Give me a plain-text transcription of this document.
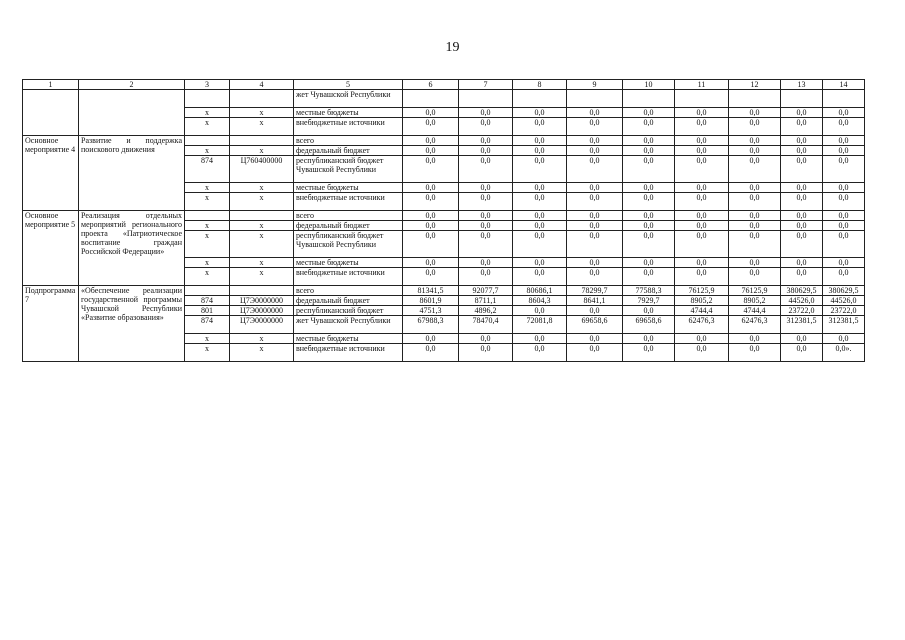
19
1	2	3	4	5	6	7	8	9	10	11	12	13	14
				жет Чувашской Республики									
		x	x	местные бюджеты	0,0	0,0	0,0	0,0	0,0	0,0	0,0	0,0	0,0
		x	x	внебюджетные источники	0,0	0,0	0,0	0,0	0,0	0,0	0,0	0,0	0,0
Основное мероприятие 4	Развитие и поддержка поискового движения			всего	0,0	0,0	0,0	0,0	0,0	0,0	0,0	0,0	0,0
		x	x	федеральный бюджет	0,0	0,0	0,0	0,0	0,0	0,0	0,0	0,0	0,0
		874	Ц760400000	республиканский бюджет Чувашской Республики	0,0	0,0	0,0	0,0	0,0	0,0	0,0	0,0	0,0
		x	x	местные бюджеты	0,0	0,0	0,0	0,0	0,0	0,0	0,0	0,0	0,0
		x	x	внебюджетные источники	0,0	0,0	0,0	0,0	0,0	0,0	0,0	0,0	0,0
Основное мероприятие 5	Реализация отдельных мероприятий регионального проекта «Патриотическое воспитание граждан Российской Федерации»			всего	0,0	0,0	0,0	0,0	0,0	0,0	0,0	0,0	0,0
		x	x	федеральный бюджет	0,0	0,0	0,0	0,0	0,0	0,0	0,0	0,0	0,0
		x	x	республиканский бюджет Чувашской Республики	0,0	0,0	0,0	0,0	0,0	0,0	0,0	0,0	0,0
		x	x	местные бюджеты	0,0	0,0	0,0	0,0	0,0	0,0	0,0	0,0	0,0
		x	x	внебюджетные источники	0,0	0,0	0,0	0,0	0,0	0,0	0,0	0,0	0,0
Подпрограмма 7	«Обеспечение реализации государственной программы Чувашской Республики «Развитие образования»			всего	81341,5	92077,7	80686,1	78299,7	77588,3	76125,9	76125,9	380629,5	380629,5
		874	Ц7Э0000000	федеральный бюджет	8601,9	8711,1	8604,3	8641,1	7929,7	8905,2	8905,2	44526,0	44526,0
		801	Ц7Э0000000	республиканский бюджет	4751,3	4896,2	0,0	0,0	0,0	4744,4	4744,4	23722,0	23722,0
		874	Ц7Э0000000	жет Чувашской Республики	67988,3	78470,4	72081,8	69658,6	69658,6	62476,3	62476,3	312381,5	312381,5
		x	x	местные бюджеты	0,0	0,0	0,0	0,0	0,0	0,0	0,0	0,0	0,0
		x	x	внебюджетные источники	0,0	0,0	0,0	0,0	0,0	0,0	0,0	0,0	0,0».
